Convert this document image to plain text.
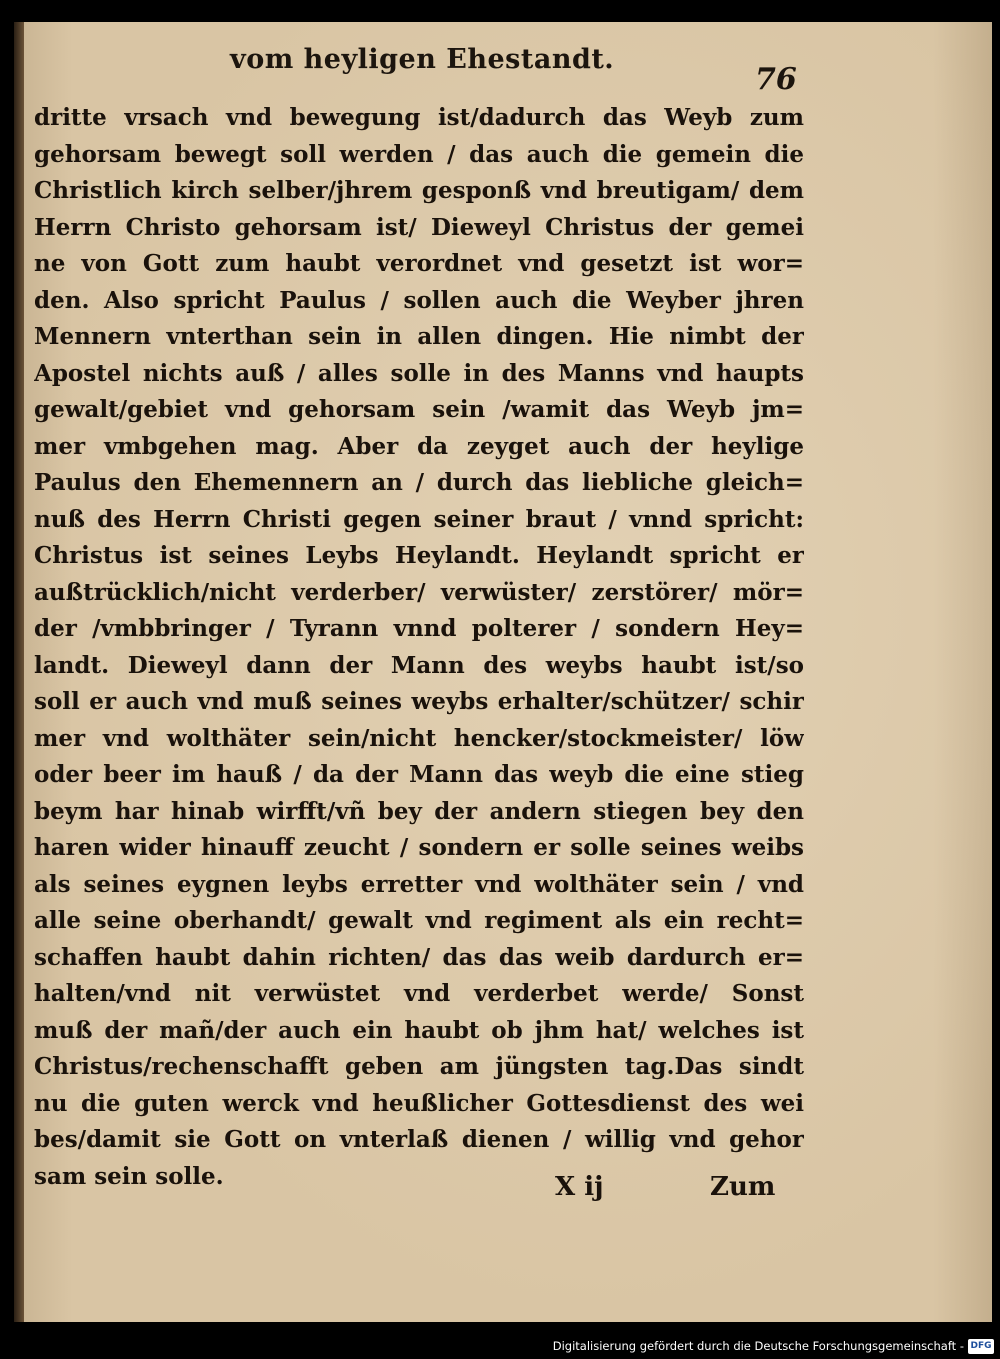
vom heyligen Ehestandt.
76
dritte vrsach vnd bewegung ist/dadurch das Weyb zum
gehorsam bewegt soll werden / das auch die gemein die
Christlich kirch selber/jhrem gesponß vnd breutigam/ dem
Herrn Christo gehorsam ist/ Dieweyl Christus der gemei
ne von Gott zum haubt verordnet vnd gesetzt ist wor=
den. Also spricht Paulus / sollen auch die Weyber jhren
Mennern vnterthan sein in allen dingen. Hie nimbt der
Apostel nichts auß / alles solle in des Manns vnd haupts
gewalt/gebiet vnd gehorsam sein /wamit das Weyb jm=
mer vmbgehen mag. Aber da zeyget auch der heylige
Paulus den Ehemennern an / durch das liebliche gleich=
nuß des Herrn Christi gegen seiner braut / vnnd spricht:
Christus ist seines Leybs Heylandt. Heylandt spricht er
außtrücklich/nicht verderber/ verwüster/ zerstörer/ mör=
der /vmbbringer / Tyrann vnnd polterer / sondern Hey=
landt. Dieweyl dann der Mann des weybs haubt ist/so
soll er auch vnd muß seines weybs erhalter/schützer/ schir
mer vnd wolthäter sein/nicht hencker/stockmeister/ löw
oder beer im hauß / da der Mann das weyb die eine stieg
beym har hinab wirfft/vñ bey der andern stiegen bey den
haren wider hinauff zeucht / sondern er solle seines weibs
als seines eygnen leybs erretter vnd wolthäter sein / vnd
alle seine oberhandt/ gewalt vnd regiment als ein recht=
schaffen haubt dahin richten/ das das weib dardurch er=
halten/vnd nit verwüstet vnd verderbet werde/ Sonst
muß der mañ/der auch ein haubt ob jhm hat/ welches ist
Christus/rechenschafft geben am jüngsten tag.Das sindt
nu die guten werck vnd heußlicher Gottesdienst des wei
bes/damit sie Gott on vnterlaß dienen / willig vnd gehor
sam sein solle.	X ij	Zum
Digitalisierung gefördert durch die Deutsche Forschungsgemeinschaft - DFG
